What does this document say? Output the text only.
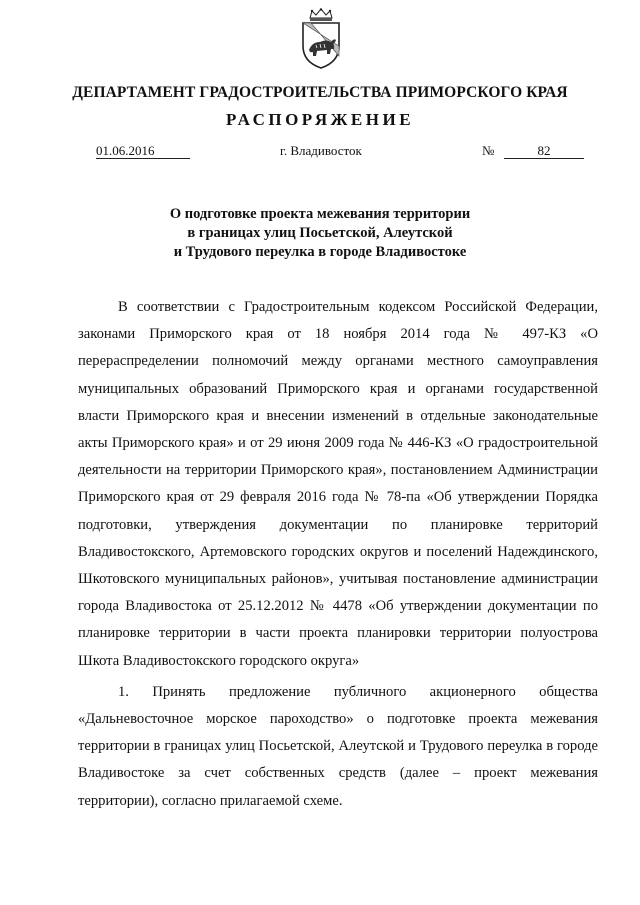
ДЕПАРТАМЕНТ ГРАДОСТРОИТЕЛЬСТВА ПРИМОРСКОГО КРАЯ
РАСПОРЯЖЕНИЕ
01.06.2016	г. Владивосток	№	82
О подготовке проекта межевания территории
в границах улиц Посьетской, Алеутской
и Трудового переулка в городе Владивостоке

В соответствии с Градостроительным кодексом Российской Федерации, законами Приморского края от 18 ноября 2014 года № 497-КЗ «О перераспределении полномочий между органами местного самоуправления муниципальных образований Приморского края и органами государственной власти Приморского края и внесении изменений в отдельные законодательные акты Приморского края» и от 29 июня 2009 года № 446-КЗ «О градостроительной деятельности на территории Приморского края», постановлением Администрации Приморского края от 29 февраля 2016 года № 78-па «Об утверждении Порядка подготовки, утверждения документации по планировке территорий Владивостокского, Артемовского городских округов и поселений Надеждинского, Шкотовского муниципальных районов», учитывая постановление администрации города Владивостока от 25.12.2012 № 4478 «Об утверждении документации по планировке территории в части проекта планировки территории полуострова Шкота Владивостокского городского округа»

1. Принять предложение публичного акционерного общества «Дальневосточное морское пароходство» о подготовке проекта межевания территории в границах улиц Посьетской, Алеутской и Трудового переулка в городе Владивостоке за счет собственных средств (далее – проект межевания территории), согласно прилагаемой схеме.
